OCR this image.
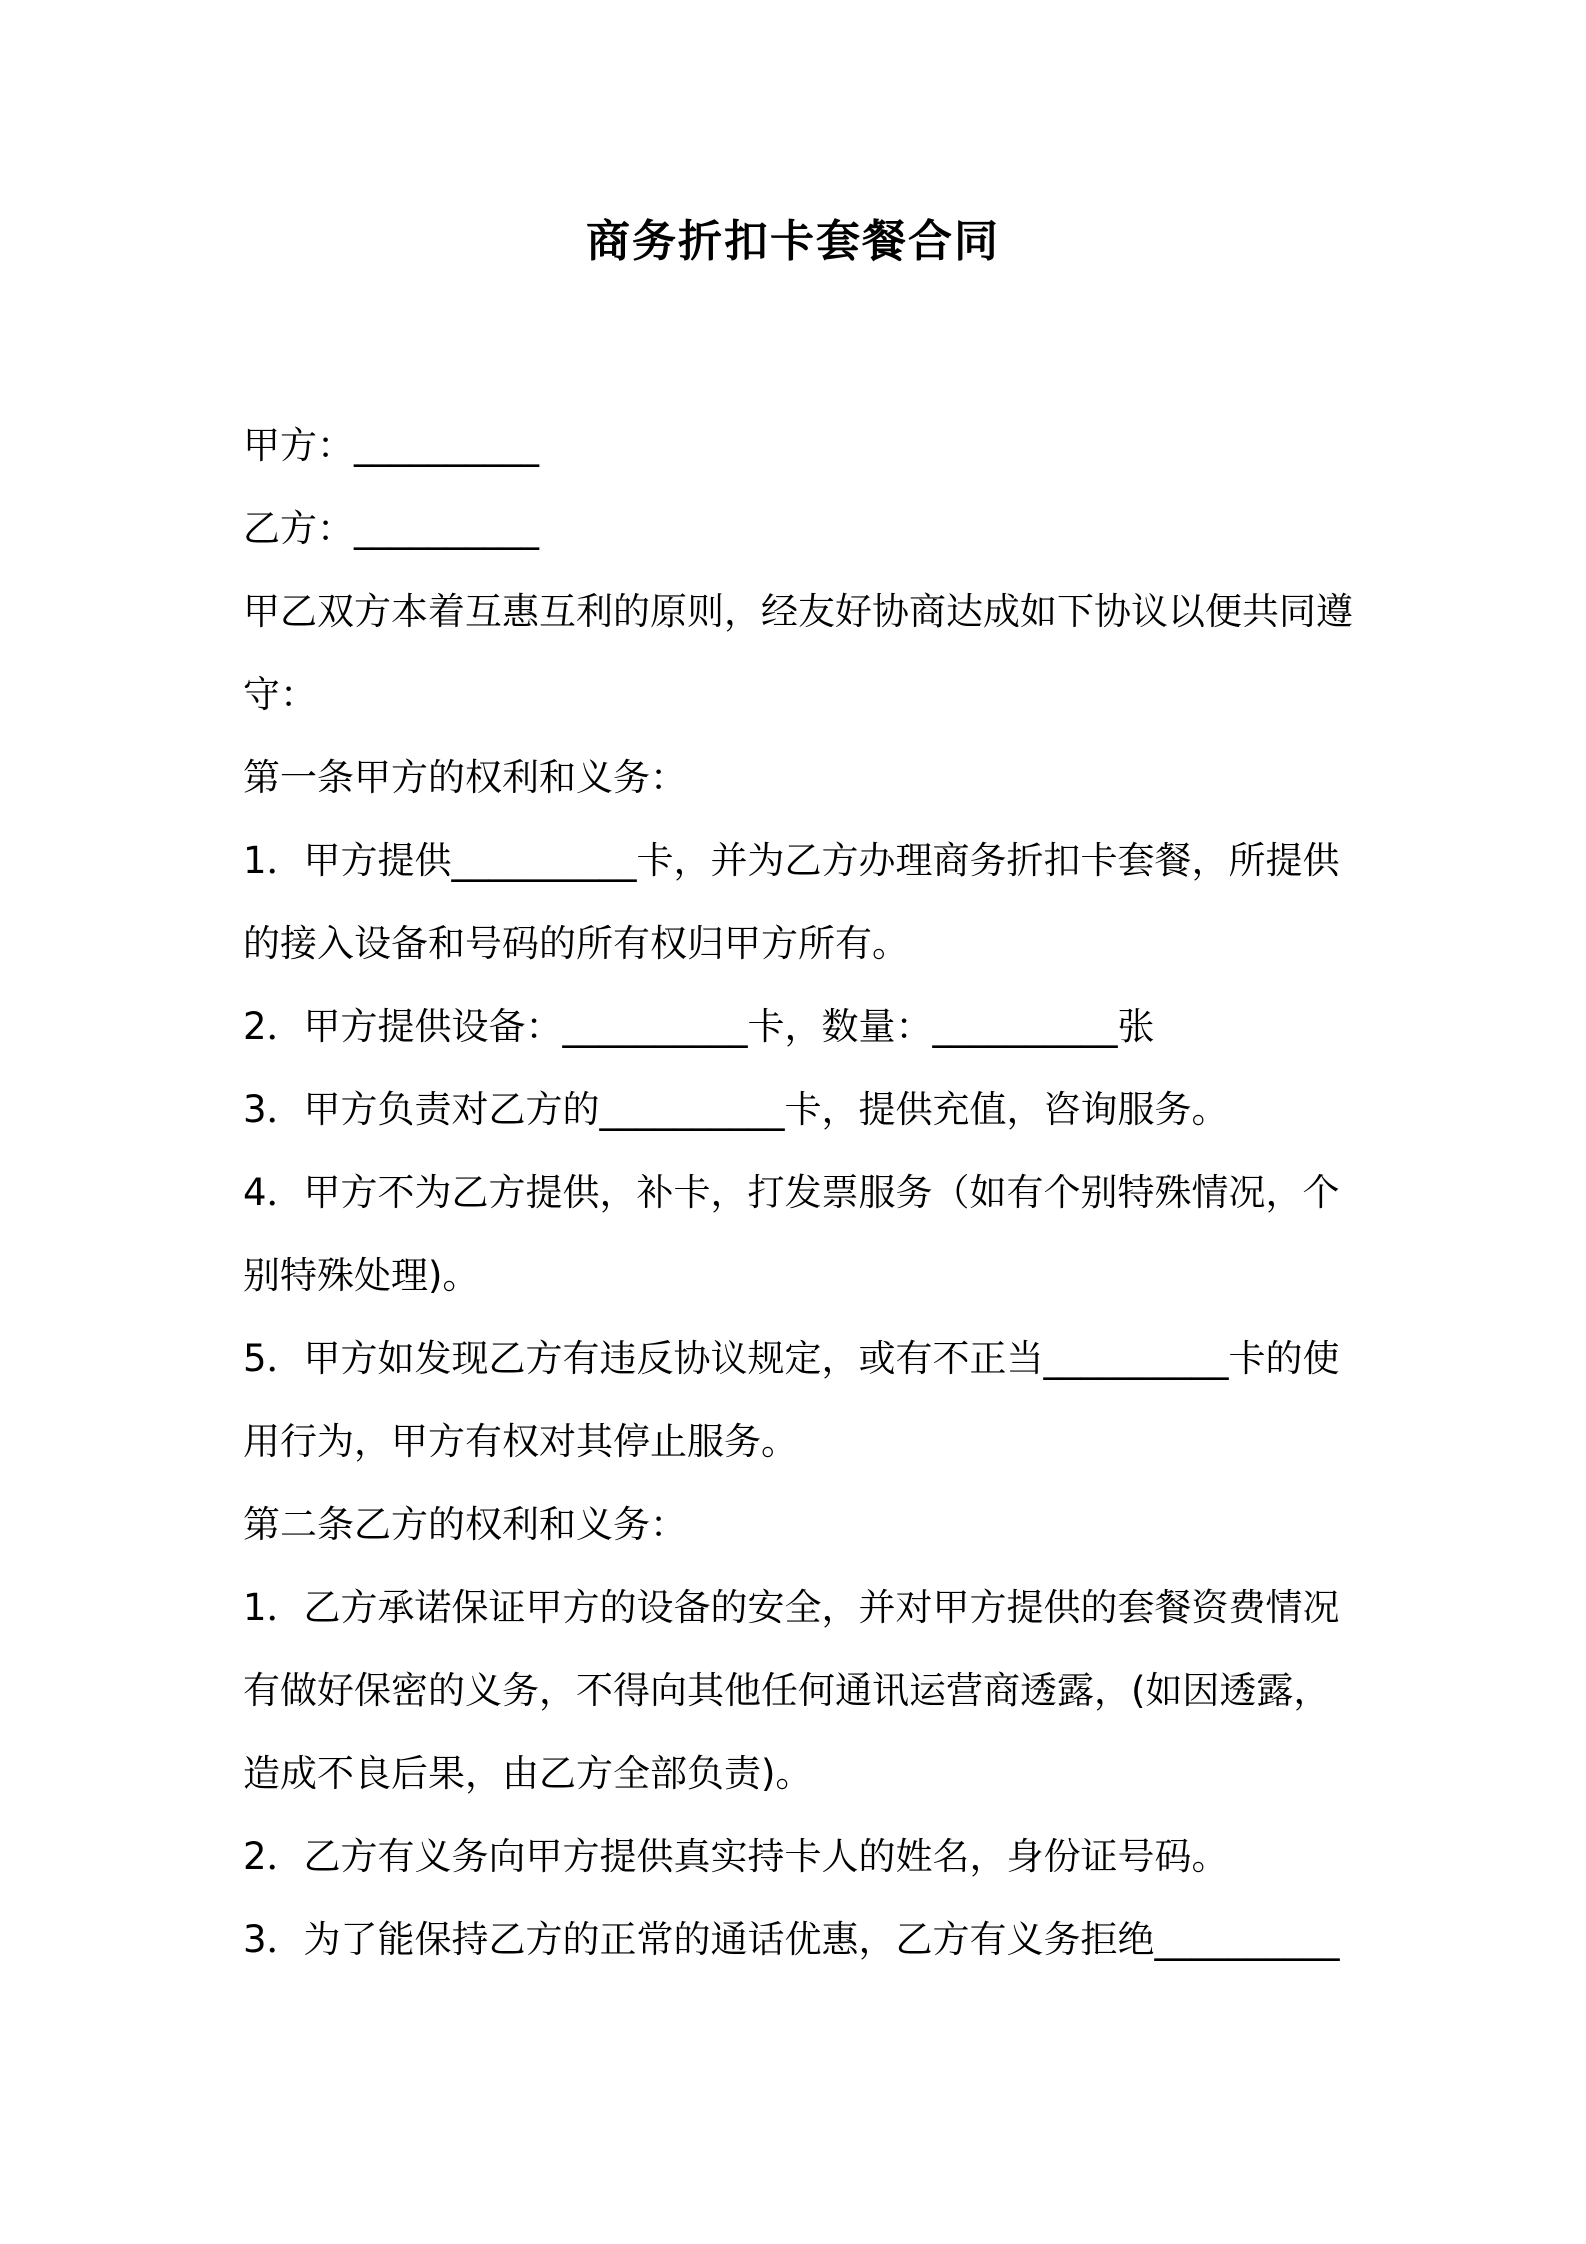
商务折扣卡套餐合同
甲方：__________
乙方：__________
甲乙双方本着互惠互利的原则，经友好协商达成如下协议以便共同遵
守：
第一条甲方的权利和义务：
1．甲方提供__________卡，并为乙方办理商务折扣卡套餐，所提供
的接入设备和号码的所有权归甲方所有。
2．甲方提供设备：__________卡，数量：__________张
3．甲方负责对乙方的__________卡，提供充值，咨询服务。
4．甲方不为乙方提供，补卡，打发票服务（如有个别特殊情况，个
别特殊处理)。
5．甲方如发现乙方有违反协议规定，或有不正当__________卡的使
用行为，甲方有权对其停止服务。
第二条乙方的权利和义务：
1．乙方承诺保证甲方的设备的安全，并对甲方提供的套餐资费情况
有做好保密的义务，不得向其他任何通讯运营商透露，(如因透露，
造成不良后果，由乙方全部负责)。
2．乙方有义务向甲方提供真实持卡人的姓名，身份证号码。
3．为了能保持乙方的正常的通话优惠，乙方有义务拒绝__________
